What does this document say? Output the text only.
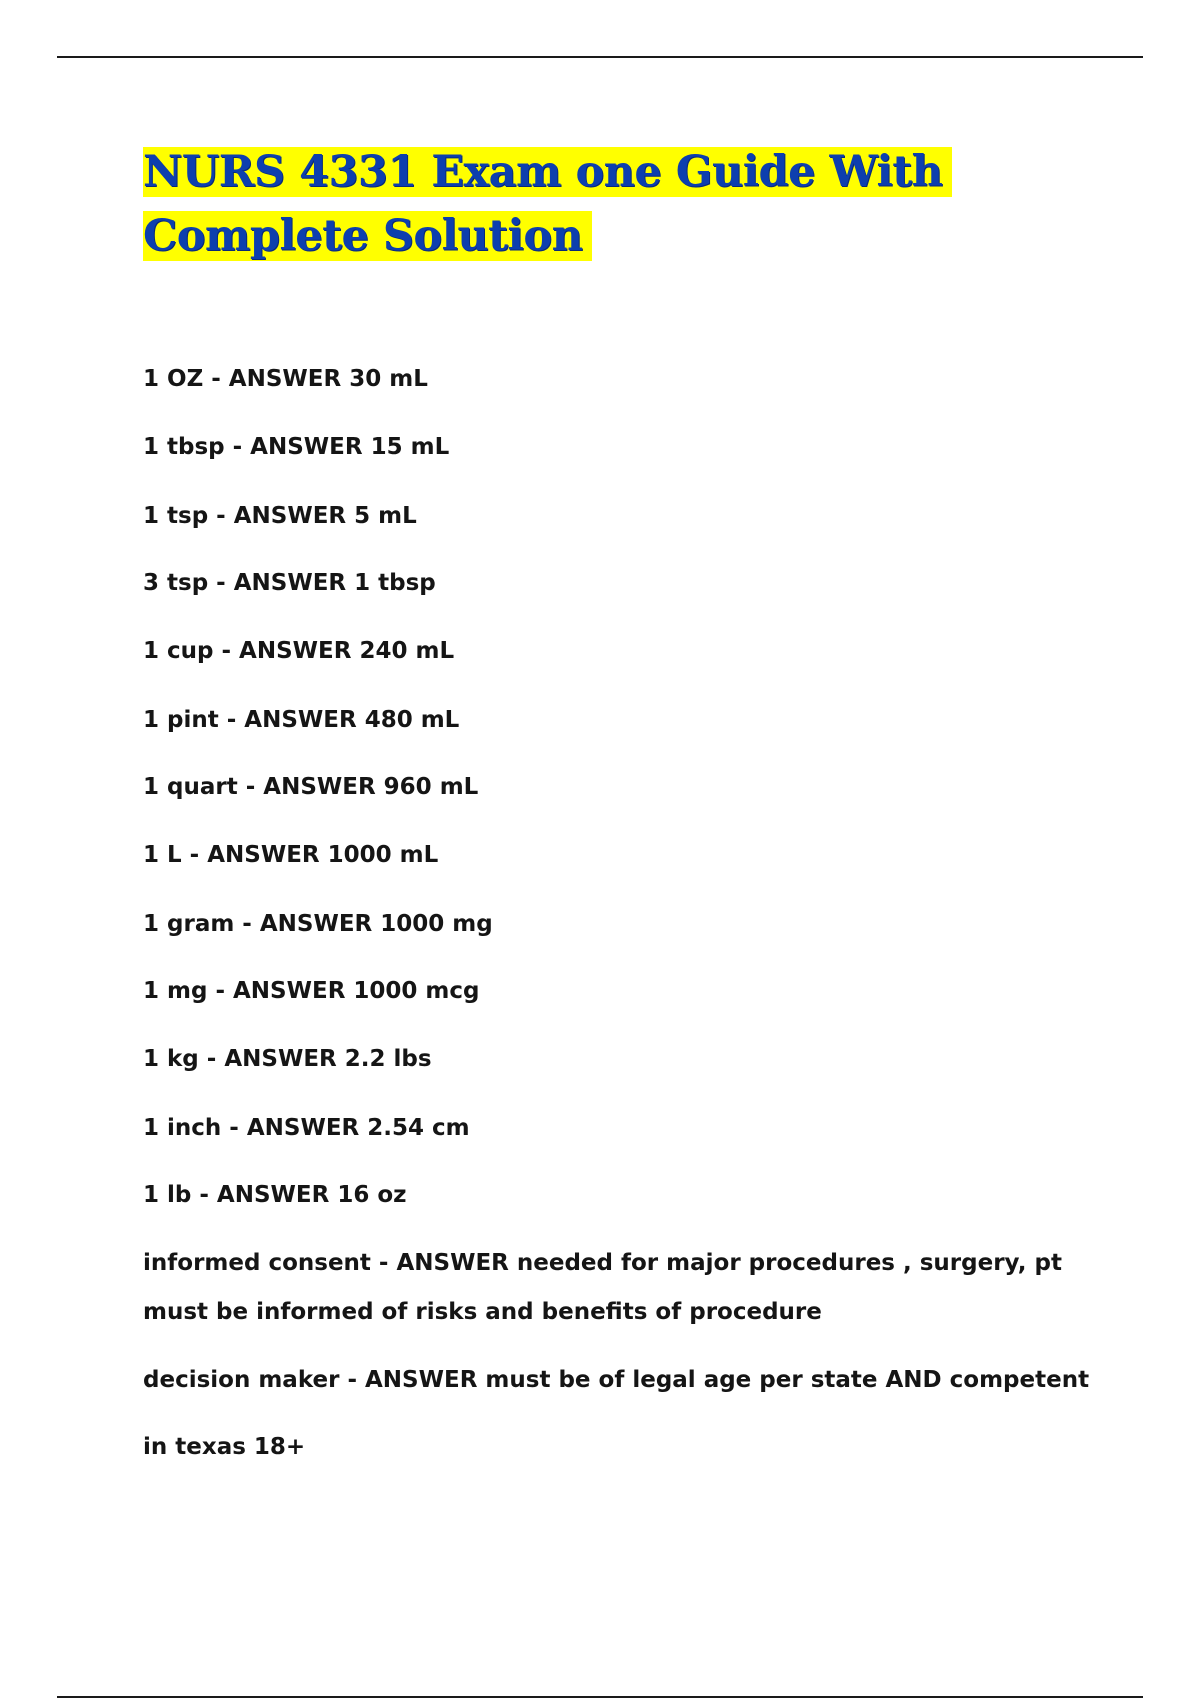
NURS 4331 Exam one Guide With Complete Solution

1 OZ - ANSWER 30 mL

1 tbsp - ANSWER 15 mL

1 tsp - ANSWER 5 mL

3 tsp - ANSWER 1 tbsp

1 cup - ANSWER 240 mL

1 pint - ANSWER 480 mL

1 quart - ANSWER 960 mL

1 L - ANSWER 1000 mL

1 gram - ANSWER 1000 mg

1 mg - ANSWER 1000 mcg

1 kg - ANSWER 2.2 lbs

1 inch - ANSWER 2.54 cm

1 lb - ANSWER 16 oz

informed consent - ANSWER needed for major procedures , surgery, pt must be informed of risks and benefits of procedure

decision maker - ANSWER must be of legal age per state AND competent

in texas 18+
